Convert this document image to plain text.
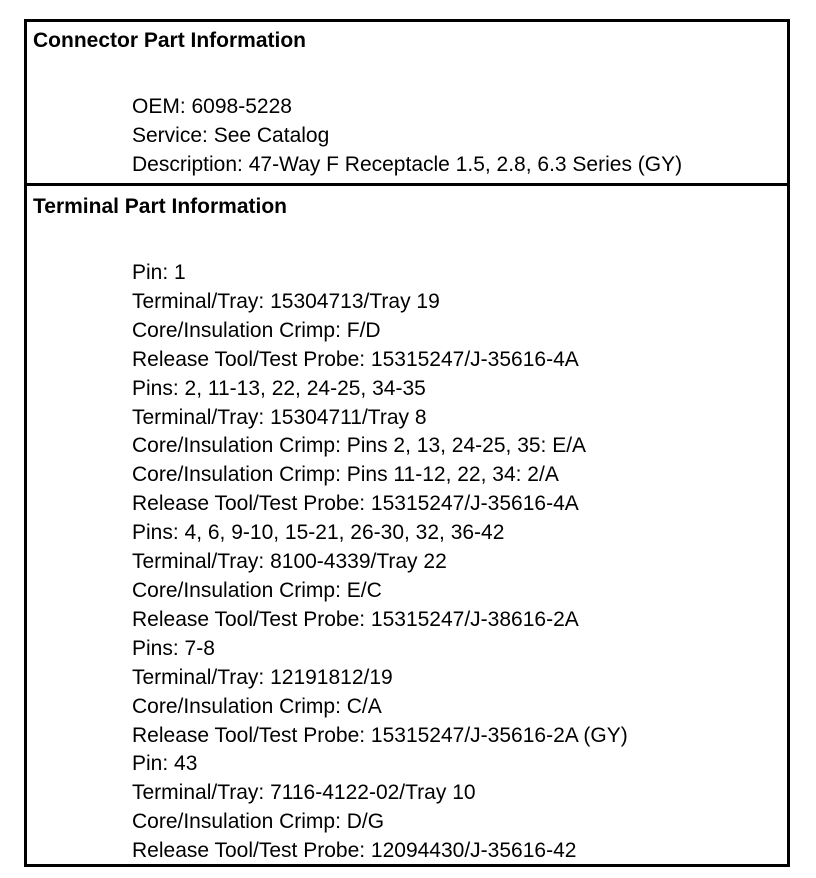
Connector Part Information
OEM: 6098-5228
Service: See Catalog
Description: 47-Way F Receptacle 1.5, 2.8, 6.3 Series (GY)
Terminal Part Information
Pin: 1
Terminal/Tray: 15304713/Tray 19
Core/Insulation Crimp: F/D
Release Tool/Test Probe: 15315247/J-35616-4A
Pins: 2, 11-13, 22, 24-25, 34-35
Terminal/Tray: 15304711/Tray 8
Core/Insulation Crimp: Pins 2, 13, 24-25, 35: E/A
Core/Insulation Crimp: Pins 11-12, 22, 34: 2/A
Release Tool/Test Probe: 15315247/J-35616-4A
Pins: 4, 6, 9-10, 15-21, 26-30, 32, 36-42
Terminal/Tray: 8100-4339/Tray 22
Core/Insulation Crimp: E/C
Release Tool/Test Probe: 15315247/J-38616-2A
Pins: 7-8
Terminal/Tray: 12191812/19
Core/Insulation Crimp: C/A
Release Tool/Test Probe: 15315247/J-35616-2A (GY)
Pin: 43
Terminal/Tray: 7116-4122-02/Tray 10
Core/Insulation Crimp: D/G
Release Tool/Test Probe: 12094430/J-35616-42
